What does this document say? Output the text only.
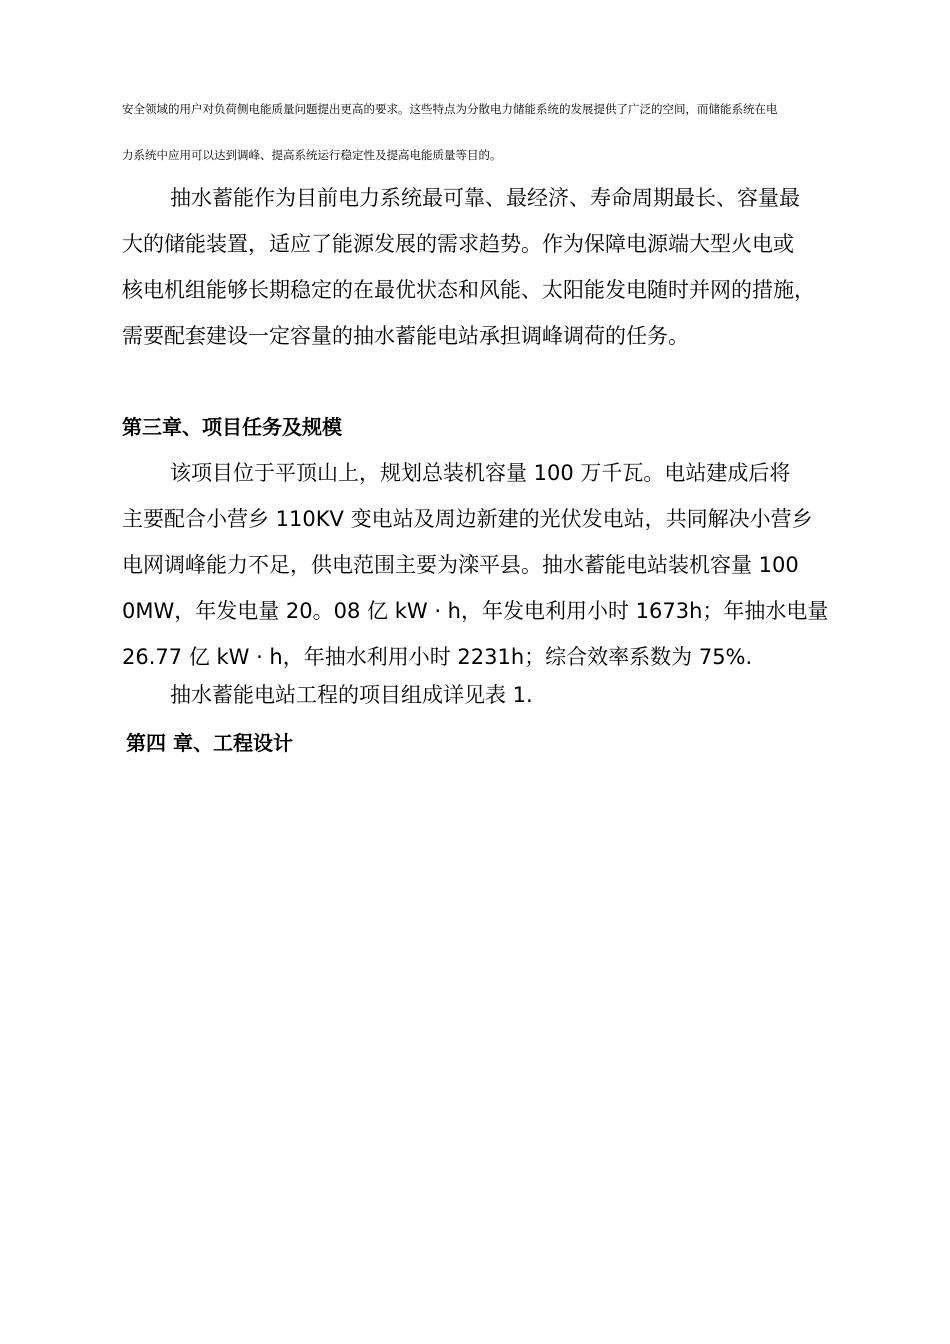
安全领域的用户对负荷侧电能质量问题提出更高的要求。这些特点为分散电力储能系统的发展提供了广泛的空间，而储能系统在电
力系统中应用可以达到调峰、提高系统运行稳定性及提高电能质量等目的。
抽水蓄能作为目前电力系统最可靠、最经济、寿命周期最长、容量最
大的储能装置，适应了能源发展的需求趋势。作为保障电源端大型火电或
核电机组能够长期稳定的在最优状态和风能、太阳能发电随时并网的措施，
需要配套建设一定容量的抽水蓄能电站承担调峰调荷的任务。
第三章、项目任务及规模
该项目位于平顶山上，规划总装机容量 100 万千瓦。电站建成后将
主要配合小营乡 110KV 变电站及周边新建的光伏发电站，共同解决小营乡
电网调峰能力不足，供电范围主要为滦平县。抽水蓄能电站装机容量 100
0MW，年发电量 20。08 亿 kW · h，年发电利用小时 1673h；年抽水电量
26.77 亿 kW · h，年抽水利用小时 2231h；综合效率系数为 75%.
抽水蓄能电站工程的项目组成详见表 1.
第四 章、工程设计
